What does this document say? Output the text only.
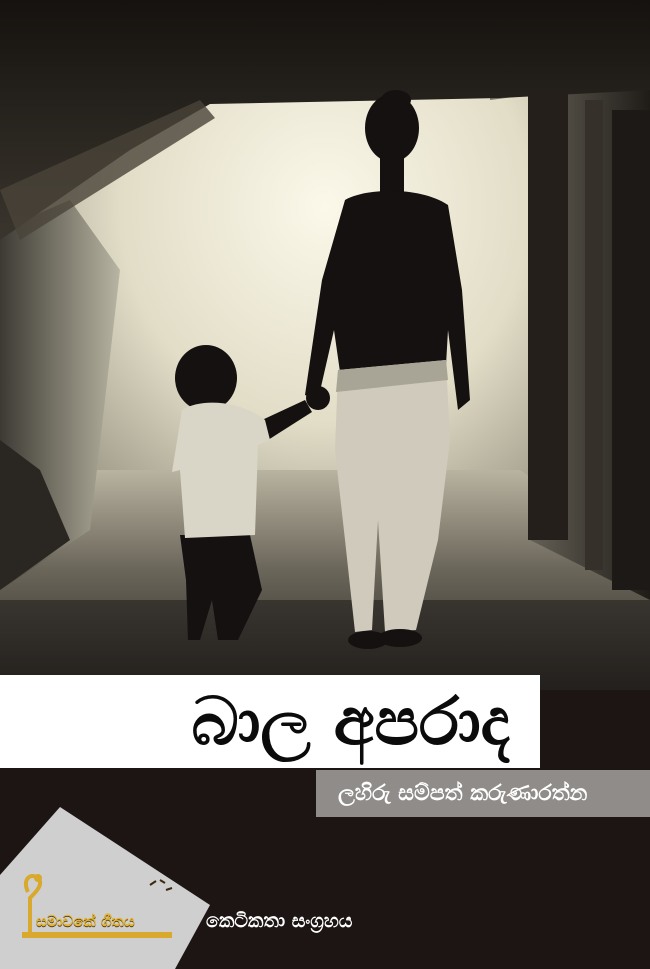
බාල අපරාද
ලහිරු සම්පත් කරුණාරත්න
සමාවකේ ගීතය	කෙටිකතා සංග්‍රහය
